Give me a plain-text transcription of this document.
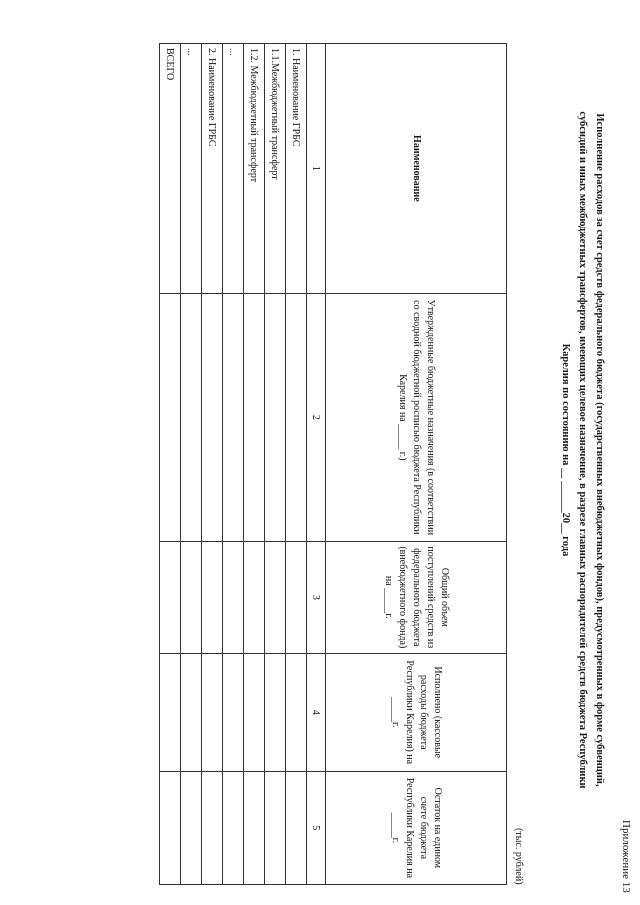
Приложение 13
Исполнение расходов за счет средств федерального бюджета (государственных внебюджетных фондов), предусмотренных в форме субвенций,
субсидий и иных межбюджетных трансфертов, имеющих целевое назначение, в разрезе главных распорядителей средств бюджета Республики
Карелия по состоянию на __ ______20__ года
(тыс. рублей)
Наименование	Утвержденные бюджетные назначения (в соответствии со сводной бюджетной росписью бюджета Республики Карелия на _____ г.)	Общий объем поступлений средств из федерального бюджета (внебюджетного фонда) на _____г.	Исполнено (кассовые расходы бюджета Республики Карелия) на _____г.	Остаток на едином счете бюджета Республики Карелия на _____г.
1	2	3	4	5
1. Наименование ГРБС				
1.1.Межбюджетный трансферт				
1.2. Межбюджетный трансферт				
...				
2. Наименование ГРБС				
...				
ВСЕГО				
